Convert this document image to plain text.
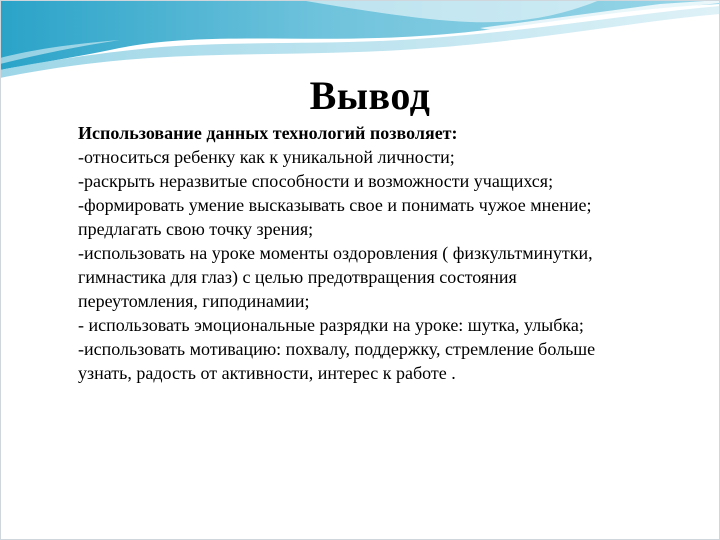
Вывод
Использование данных технологий позволяет:
-относиться ребенку как к уникальной личности;
-раскрыть неразвитые способности и возможности учащихся;
-формировать умение высказывать свое и понимать чужое мнение;
предлагать свою точку зрения;
-использовать на уроке моменты оздоровления ( физкультминутки,
гимнастика для глаз) с целью предотвращения состояния
переутомления, гиподинамии;
- использовать эмоциональные разрядки на уроке: шутка, улыбка;
-использовать мотивацию: похвалу, поддержку, стремление больше
узнать, радость от активности, интерес к работе .
